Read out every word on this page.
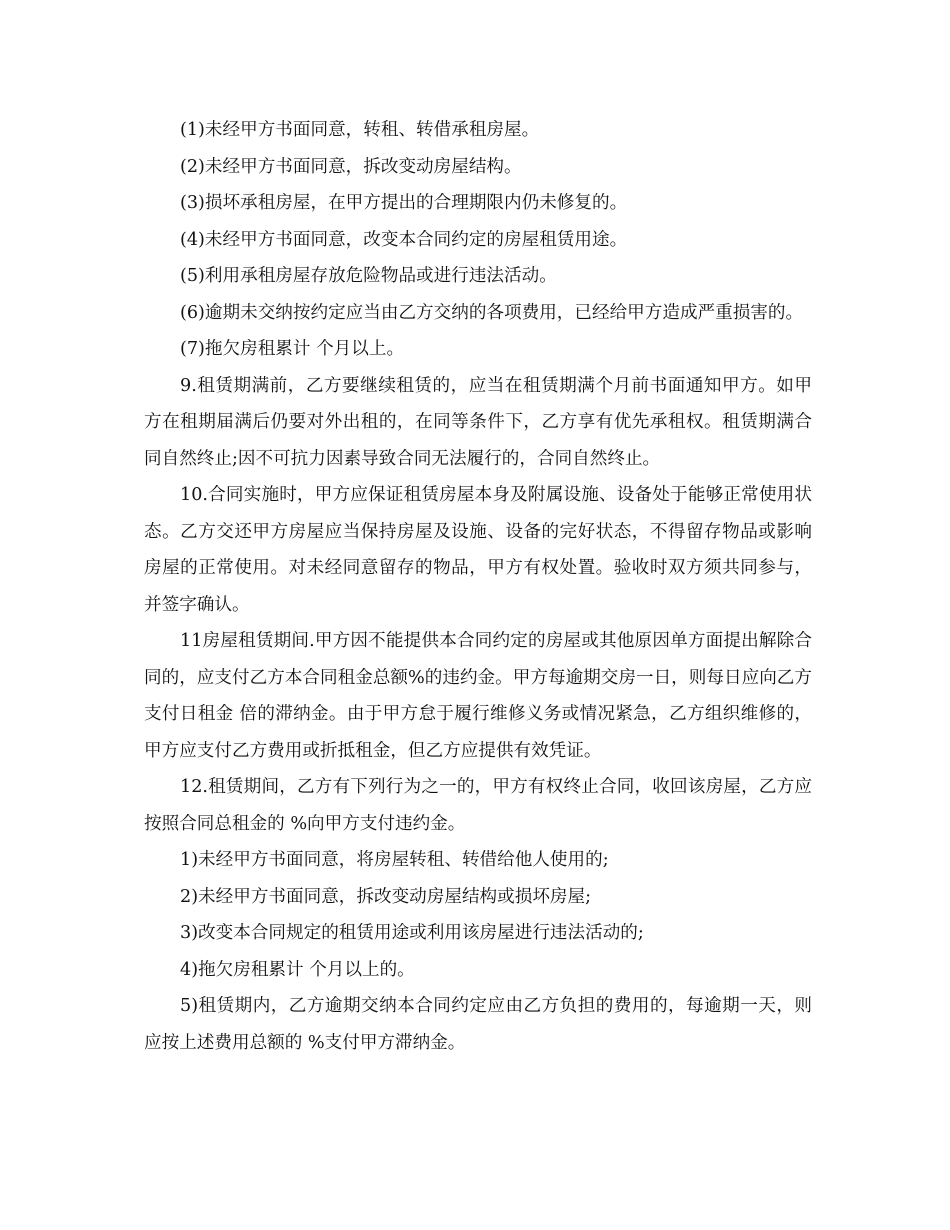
(1)未经甲方书面同意，转租、转借承租房屋。

(2)未经甲方书面同意，拆改变动房屋结构。

(3)损坏承租房屋，在甲方提出的合理期限内仍未修复的。

(4)未经甲方书面同意，改变本合同约定的房屋租赁用途。

(5)利用承租房屋存放危险物品或进行违法活动。

(6)逾期未交纳按约定应当由乙方交纳的各项费用，已经给甲方造成严重损害的。

(7)拖欠房租累计 个月以上。

9.租赁期满前，乙方要继续租赁的，应当在租赁期满个月前书面通知甲方。如甲方在租期届满后仍要对外出租的，在同等条件下，乙方享有优先承租权。租赁期满合同自然终止;因不可抗力因素导致合同无法履行的，合同自然终止。

10.合同实施时，甲方应保证租赁房屋本身及附属设施、设备处于能够正常使用状态。乙方交还甲方房屋应当保持房屋及设施、设备的完好状态，不得留存物品或影响房屋的正常使用。对未经同意留存的物品，甲方有权处置。验收时双方须共同参与，并签字确认。

11房屋租赁期间.甲方因不能提供本合同约定的房屋或其他原因单方面提出解除合同的，应支付乙方本合同租金总额%的违约金。甲方每逾期交房一日，则每日应向乙方支付日租金 倍的滞纳金。由于甲方怠于履行维修义务或情况紧急，乙方组织维修的，甲方应支付乙方费用或折抵租金，但乙方应提供有效凭证。

12.租赁期间，乙方有下列行为之一的，甲方有权终止合同，收回该房屋，乙方应按照合同总租金的 %向甲方支付违约金。

1)未经甲方书面同意，将房屋转租、转借给他人使用的;

2)未经甲方书面同意，拆改变动房屋结构或损坏房屋;

3)改变本合同规定的租赁用途或利用该房屋进行违法活动的;

4)拖欠房租累计 个月以上的。

5)租赁期内，乙方逾期交纳本合同约定应由乙方负担的费用的，每逾期一天，则应按上述费用总额的 %支付甲方滞纳金。
